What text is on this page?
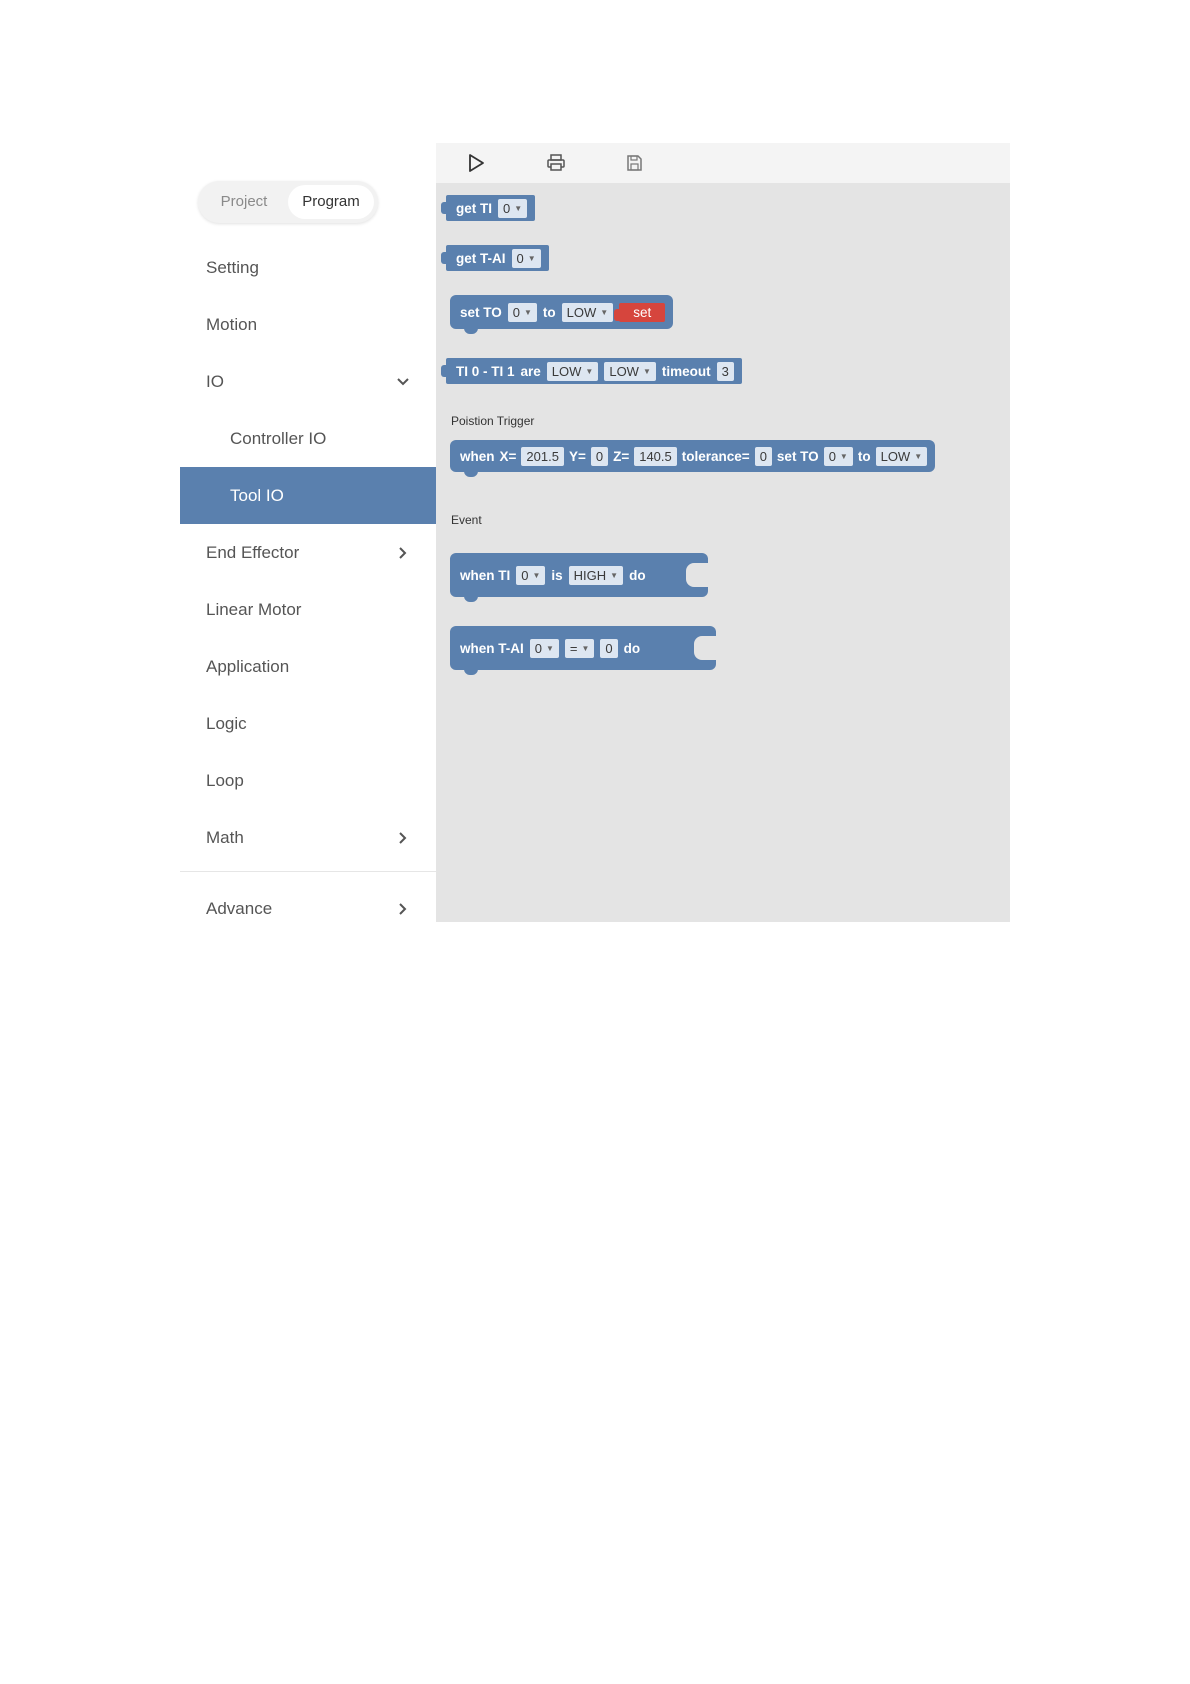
Project	Program
Setting
Motion
IO
Controller IO
Tool IO
End Effector
Linear Motor
Application
Logic
Loop
Math
Advance
get TI 0 ▼
get T-AI 0 ▼
set TO 0 ▼ to LOW ▼	set
TI 0 - TI 1 are LOW ▼ LOW ▼ timeout 3
Poistion Trigger
when X= 201.5 Y= 0 Z= 140.5 tolerance= 0 set TO 0 ▼ to LOW ▼
Event
when TI 0 ▼ is HIGH ▼ do
when T-AI 0 ▼ = ▼	0 do
